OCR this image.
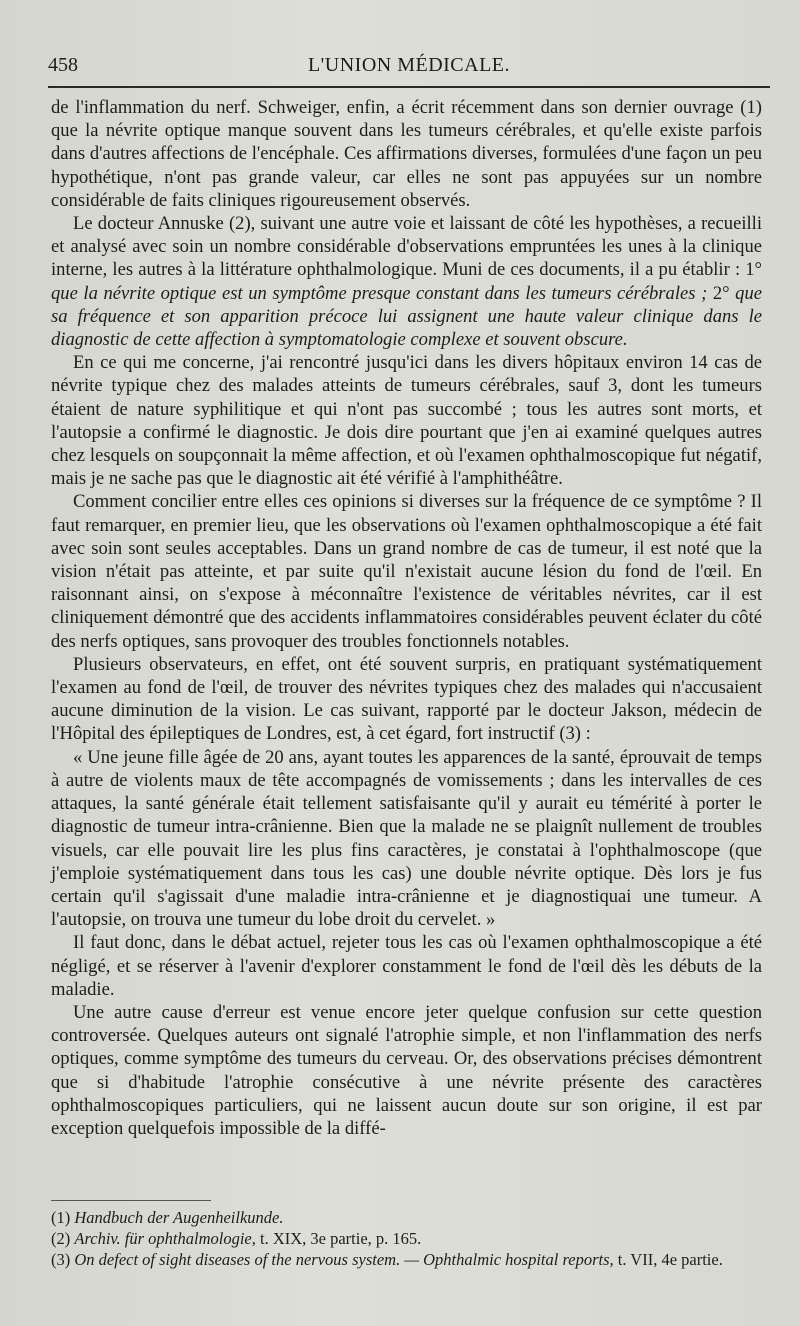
458	L'UNION MÉDICALE.

de l'inflammation du nerf. Schweiger, enfin, a écrit récemment dans son dernier ouvrage (1) que la névrite optique manque souvent dans les tumeurs cérébrales, et qu'elle existe parfois dans d'autres affections de l'encéphale. Ces affirmations diverses, formulées d'une façon un peu hypothétique, n'ont pas grande valeur, car elles ne sont pas appuyées sur un nombre considérable de faits cliniques rigoureusement observés.

Le docteur Annuske (2), suivant une autre voie et laissant de côté les hypothèses, a recueilli et analysé avec soin un nombre considérable d'observations empruntées les unes à la clinique interne, les autres à la littérature ophthalmologique. Muni de ces documents, il a pu établir : 1° que la névrite optique est un symptôme presque constant dans les tumeurs cérébrales ; 2° que sa fréquence et son apparition précoce lui assignent une haute valeur clinique dans le diagnostic de cette affection à symptomatologie complexe et souvent obscure.

En ce qui me concerne, j'ai rencontré jusqu'ici dans les divers hôpitaux environ 14 cas de névrite typique chez des malades atteints de tumeurs cérébrales, sauf 3, dont les tumeurs étaient de nature syphilitique et qui n'ont pas succombé ; tous les autres sont morts, et l'autopsie a confirmé le diagnostic. Je dois dire pourtant que j'en ai examiné quelques autres chez lesquels on soupçonnait la même affection, et où l'examen ophthalmoscopique fut négatif, mais je ne sache pas que le diagnostic ait été vérifié à l'amphithéâtre.

Comment concilier entre elles ces opinions si diverses sur la fréquence de ce symptôme ? Il faut remarquer, en premier lieu, que les observations où l'examen ophthalmoscopique a été fait avec soin sont seules acceptables. Dans un grand nombre de cas de tumeur, il est noté que la vision n'était pas atteinte, et par suite qu'il n'existait aucune lésion du fond de l'œil. En raisonnant ainsi, on s'expose à méconnaître l'existence de véritables névrites, car il est cliniquement démontré que des accidents inflammatoires considérables peuvent éclater du côté des nerfs optiques, sans provoquer des troubles fonctionnels notables.

Plusieurs observateurs, en effet, ont été souvent surpris, en pratiquant systématiquement l'examen au fond de l'œil, de trouver des névrites typiques chez des malades qui n'accusaient aucune diminution de la vision. Le cas suivant, rapporté par le docteur Jakson, médecin de l'Hôpital des épileptiques de Londres, est, à cet égard, fort instructif (3) :

« Une jeune fille âgée de 20 ans, ayant toutes les apparences de la santé, éprouvait de temps à autre de violents maux de tête accompagnés de vomissements ; dans les intervalles de ces attaques, la santé générale était tellement satisfaisante qu'il y aurait eu témérité à porter le diagnostic de tumeur intra-crânienne. Bien que la malade ne se plaignît nullement de troubles visuels, car elle pouvait lire les plus fins caractères, je constatai à l'ophthalmoscope (que j'emploie systématiquement dans tous les cas) une double névrite optique. Dès lors je fus certain qu'il s'agissait d'une maladie intra-crânienne et je diagnostiquai une tumeur. A l'autopsie, on trouva une tumeur du lobe droit du cervelet. »

Il faut donc, dans le débat actuel, rejeter tous les cas où l'examen ophthalmoscopique a été négligé, et se réserver à l'avenir d'explorer constamment le fond de l'œil dès les débuts de la maladie.

Une autre cause d'erreur est venue encore jeter quelque confusion sur cette question controversée. Quelques auteurs ont signalé l'atrophie simple, et non l'inflammation des nerfs optiques, comme symptôme des tumeurs du cerveau. Or, des observations précises démontrent que si d'habitude l'atrophie consécutive à une névrite présente des caractères ophthalmoscopiques particuliers, qui ne laissent aucun doute sur son origine, il est par exception quelquefois impossible de la diffé-

(1) Handbuch der Augenheilkunde.
(2) Archiv. für ophthalmologie, t. XIX, 3e partie, p. 165.
(3) On defect of sight diseases of the nervous system. — Ophthalmic hospital reports, t. VII, 4e partie.
